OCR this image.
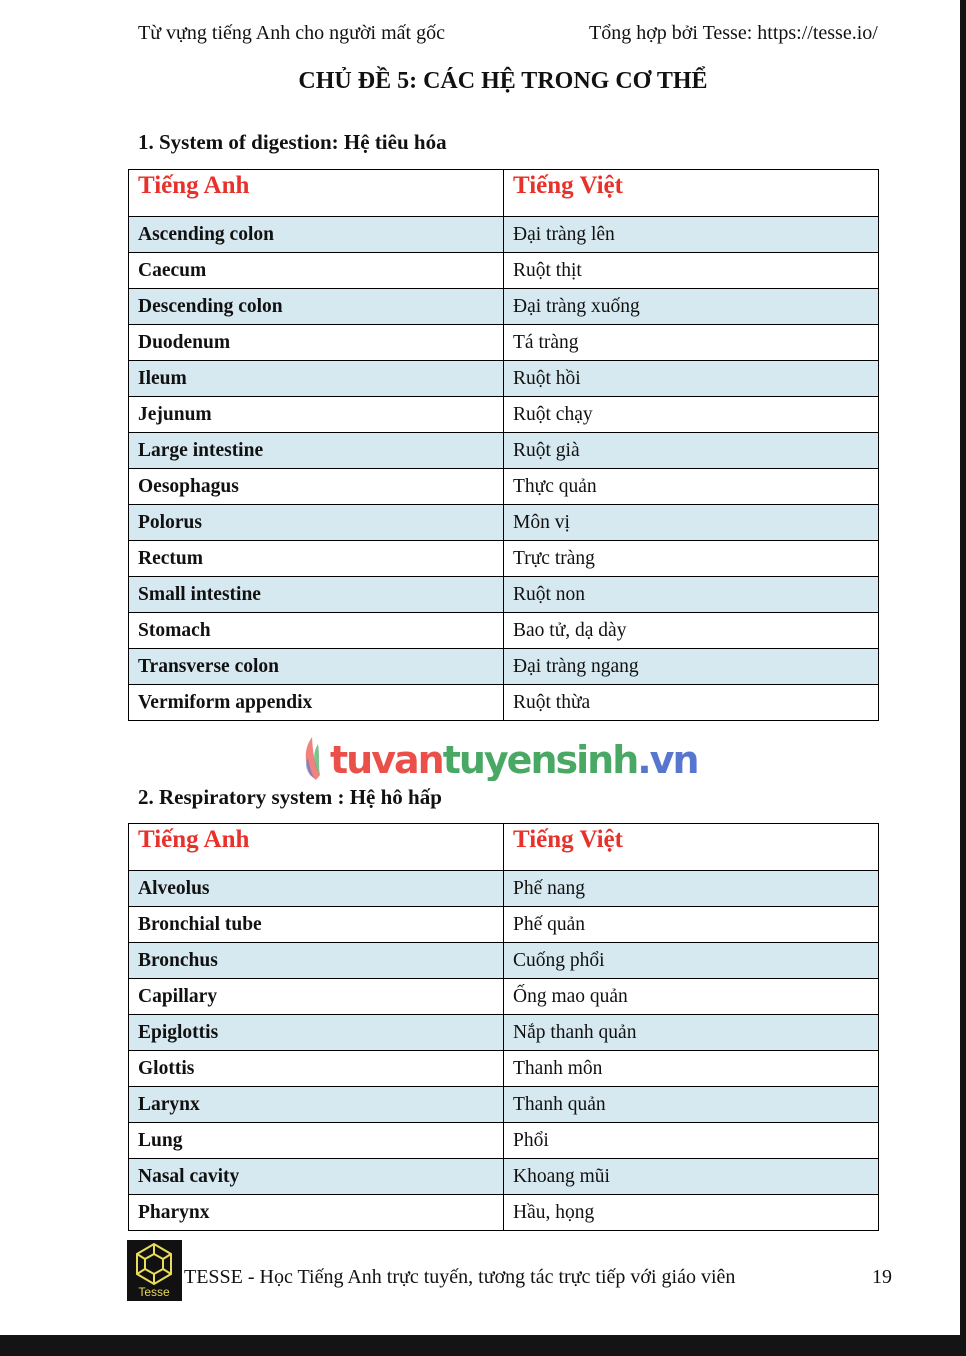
Từ vựng tiếng Anh cho người mất gốc	Tổng hợp bởi Tesse: https://tesse.io/
CHỦ ĐỀ 5: CÁC HỆ TRONG CƠ THỂ
1. System of digestion: Hệ tiêu hóa
Tiếng Anh	Tiếng Việt
Ascending colon	Đại tràng lên
Caecum	Ruột thịt
Descending colon	Đại tràng xuống
Duodenum	Tá tràng
Ileum	Ruột hồi
Jejunum	Ruột chạy
Large intestine	Ruột già
Oesophagus	Thực quản
Polorus	Môn vị
Rectum	Trực tràng
Small intestine	Ruột non
Stomach	Bao tử, dạ dày
Transverse colon	Đại tràng ngang
Vermiform appendix	Ruột thừa
2. Respiratory system : Hệ hô hấp
Tiếng Anh	Tiếng Việt
Alveolus	Phế nang
Bronchial tube	Phế quản
Bronchus	Cuống phổi
Capillary	Ống mao quản
Epiglottis	Nắp thanh quản
Glottis	Thanh môn
Larynx	Thanh quản
Lung	Phổi
Nasal cavity	Khoang mũi
Pharynx	Hầu, họng
tuvantuyensinh.vn
Tesse
TESSE - Học Tiếng Anh trực tuyến, tương tác trực tiếp với giáo viên	19
